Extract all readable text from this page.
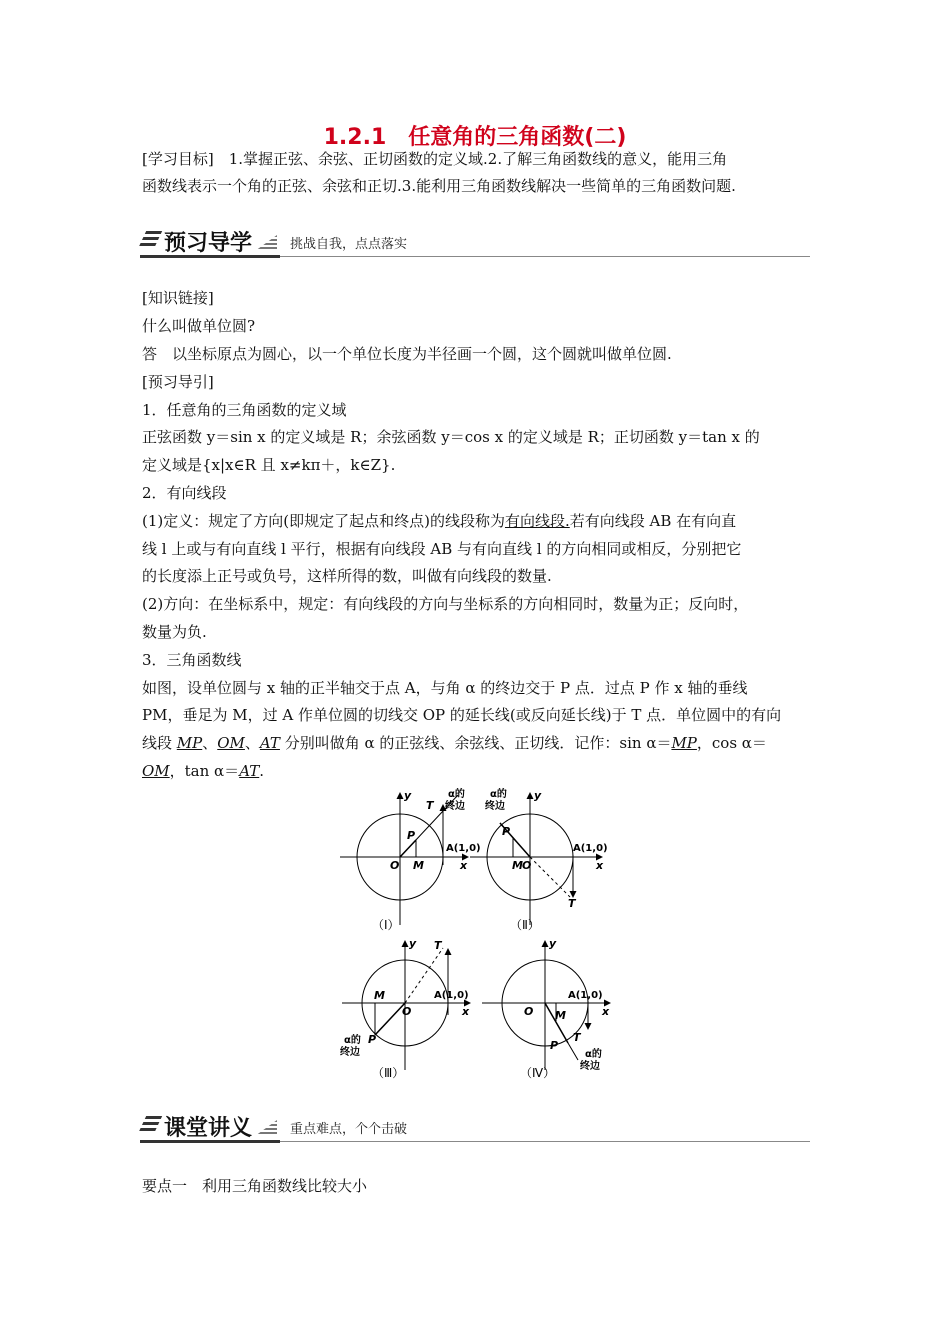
1.2.1　任意角的三角函数(二)
[学习目标]　1.掌握正弦、余弦、正切函数的定义域.2.了解三角函数线的意义，能用三角
函数线表示一个角的正弦、余弦和正切.3.能利用三角函数线解决一些简单的三角函数问题.
预习导学	挑战自我，点点落实
[知识链接]
什么叫做单位圆?
答　以坐标原点为圆心，以一个单位长度为半径画一个圆，这个圆就叫做单位圆.
[预习导引]
1．任意角的三角函数的定义域
正弦函数 y＝sin x 的定义域是 R；余弦函数 y＝cos x 的定义域是 R；正切函数 y＝tan x 的
定义域是{x|x∈R 且 x≠kπ＋，k∈Z}.
2．有向线段
(1)定义：规定了方向(即规定了起点和终点)的线段称为有向线段.若有向线段 AB 在有向直
线 l 上或与有向直线 l 平行，根据有向线段 AB 与有向直线 l 的方向相同或相反，分别把它
的长度添上正号或负号，这样所得的数，叫做有向线段的数量.
(2)方向：在坐标系中，规定：有向线段的方向与坐标系的方向相同时，数量为正；反向时，
数量为负.
3．三角函数线
如图，设单位圆与 x 轴的正半轴交于点 A，与角 α 的终边交于 P 点．过点 P 作 x 轴的垂线
PM，垂足为 M，过 A 作单位圆的切线交 OP 的延长线(或反向延长线)于 T 点．单位圆中的有向
线段 MP、OM、AT 分别叫做角 α 的正弦线、余弦线、正切线．记作：sin α＝MP，cos α＝
OM，tan α＝AT.
O M
P
T
A(1,0)
x
y	α的
终边
（Ⅰ）
M O
P
T
A(1,0)
x
y
α的
终边
（Ⅱ）
M
O
P
T
A(1,0)
x
y
α的
终边
（Ⅲ）
O M
P
T
A(1,0)
x
y
α的
终边
（Ⅳ）
课堂讲义	重点难点，个个击破
要点一　利用三角函数线比较大小
